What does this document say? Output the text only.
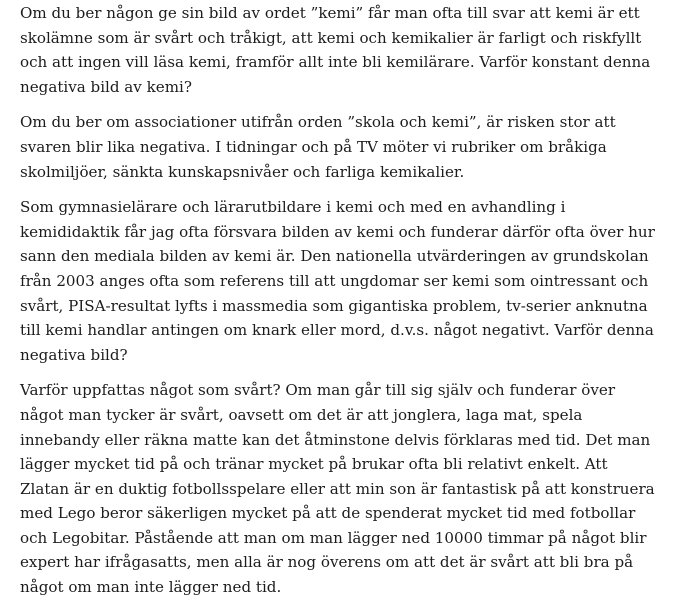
Om du ber någon ge sin bild av ordet ”kemi” får man ofta till svar att kemi är ett skolämne som är svårt och tråkigt, att kemi och kemikalier är farligt och riskfyllt och att ingen vill läsa kemi, framför allt inte bli kemilärare. Varför konstant denna negativa bild av kemi?

Om du ber om associationer utifrån orden ”skola och kemi”, är risken stor att svaren blir lika negativa. I tidningar och på TV möter vi rubriker om bråkiga skolmiljöer, sänkta kunskapsnivåer och farliga kemikalier.

Som gymnasielärare och lärarutbildare i kemi och med en avhandling i kemididaktik får jag ofta försvara bilden av kemi och funderar därför ofta över hur sann den mediala bilden av kemi är. Den nationella utvärderingen av grundskolan från 2003 anges ofta som referens till att ungdomar ser kemi som ointressant och svårt, PISA-resultat lyfts i massmedia som gigantiska problem, tv-serier anknutna till kemi handlar antingen om knark eller mord, d.v.s. något negativt. Varför denna negativa bild?

Varför uppfattas något som svårt? Om man går till sig själv och funderar över något man tycker är svårt, oavsett om det är att jonglera, laga mat, spela innebandy eller räkna matte kan det åtminstone delvis förklaras med tid. Det man lägger mycket tid på och tränar mycket på brukar ofta bli relativt enkelt. Att Zlatan är en duktig fotbollsspelare eller att min son är fantastisk på att konstruera med Lego beror säkerligen mycket på att de spenderat mycket tid med fotbollar och Legobitar. Påstående att man om man lägger ned 10000 timmar på något blir expert har ifrågasatts, men alla är nog överens om att det är svårt att bli bra på något om man inte lägger ned tid.
